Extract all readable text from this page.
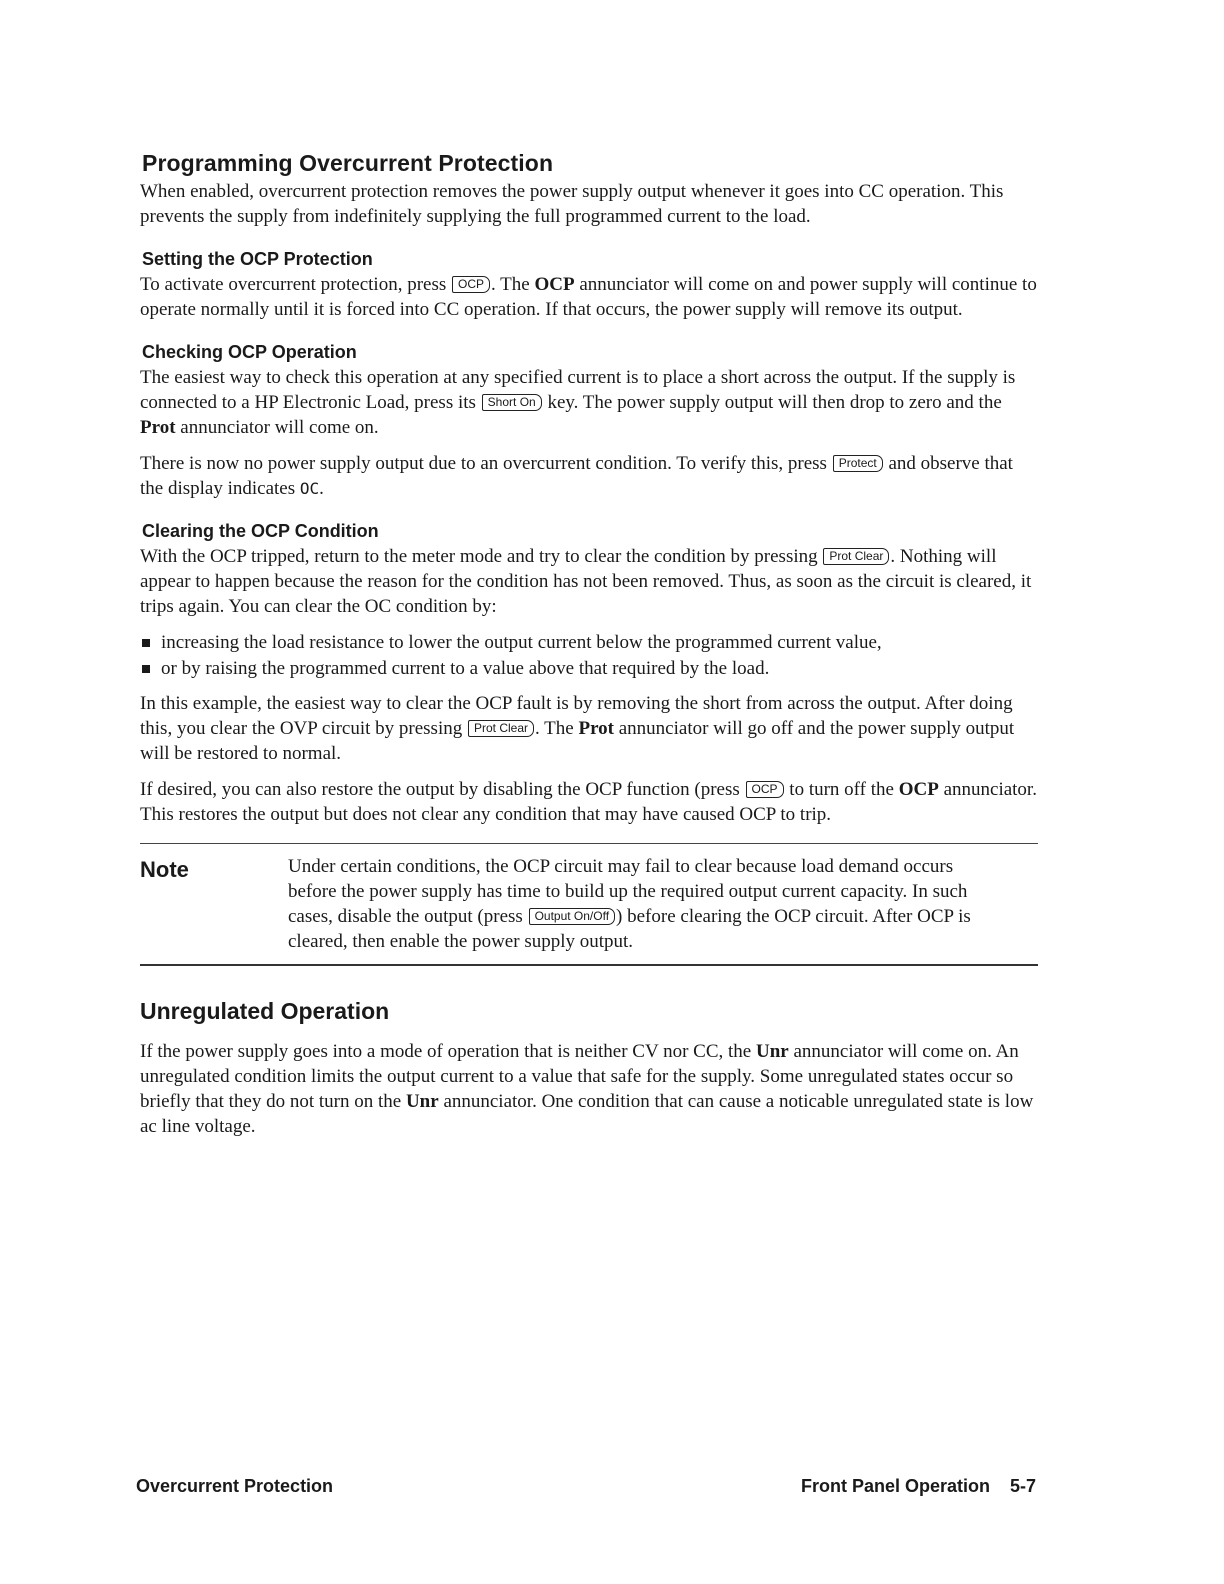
Programming Overcurrent Protection

When enabled, overcurrent protection removes the power supply output whenever it goes into CC operation. This prevents the supply from indefinitely supplying the full programmed current to the load.

Setting the OCP Protection

To activate overcurrent protection, press OCP . The OCP annunciator will come on and power supply will continue to operate normally until it is forced into CC operation. If that occurs, the power supply will remove its output.

Checking OCP Operation

The easiest way to check this operation at any specified current is to place a short across the output. If the supply is connected to a HP Electronic Load, press its Short On key. The power supply output will then drop to zero and the Prot annunciator will come on.

There is now no power supply output due to an overcurrent condition. To verify this, press Protect and observe that the display indicates OC.

Clearing the OCP Condition

With the OCP tripped, return to the meter mode and try to clear the condition by pressing Prot Clear . Nothing will appear to happen because the reason for the condition has not been removed. Thus, as soon as the circuit is cleared, it trips again. You can clear the OC condition by:

increasing the load resistance to lower the output current below the programmed current value,
or by raising the programmed current to a value above that required by the load.

In this example, the easiest way to clear the OCP fault is by removing the short from across the output. After doing this, you clear the OVP circuit by pressing Prot Clear . The Prot annunciator will go off and the power supply output will be restored to normal.

If desired, you can also restore the output by disabling the OCP function (press OCP to turn off the OCP annunciator. This restores the output but does not clear any condition that may have caused OCP to trip.

Note	Under certain conditions, the OCP circuit may fail to clear because load demand occurs before the power supply has time to build up the required output current capacity. In such cases, disable the output (press Output On/Off ) before clearing the OCP circuit. After OCP is cleared, then enable the power supply output.
Unregulated Operation

If the power supply goes into a mode of operation that is neither CV nor CC, the Unr annunciator will come on. An unregulated condition limits the output current to a value that safe for the supply. Some unregulated states occur so briefly that they do not turn on the Unr annunciator. One condition that can cause a noticable unregulated state is low ac line voltage.

Overcurrent Protection	Front Panel Operation 5-7
